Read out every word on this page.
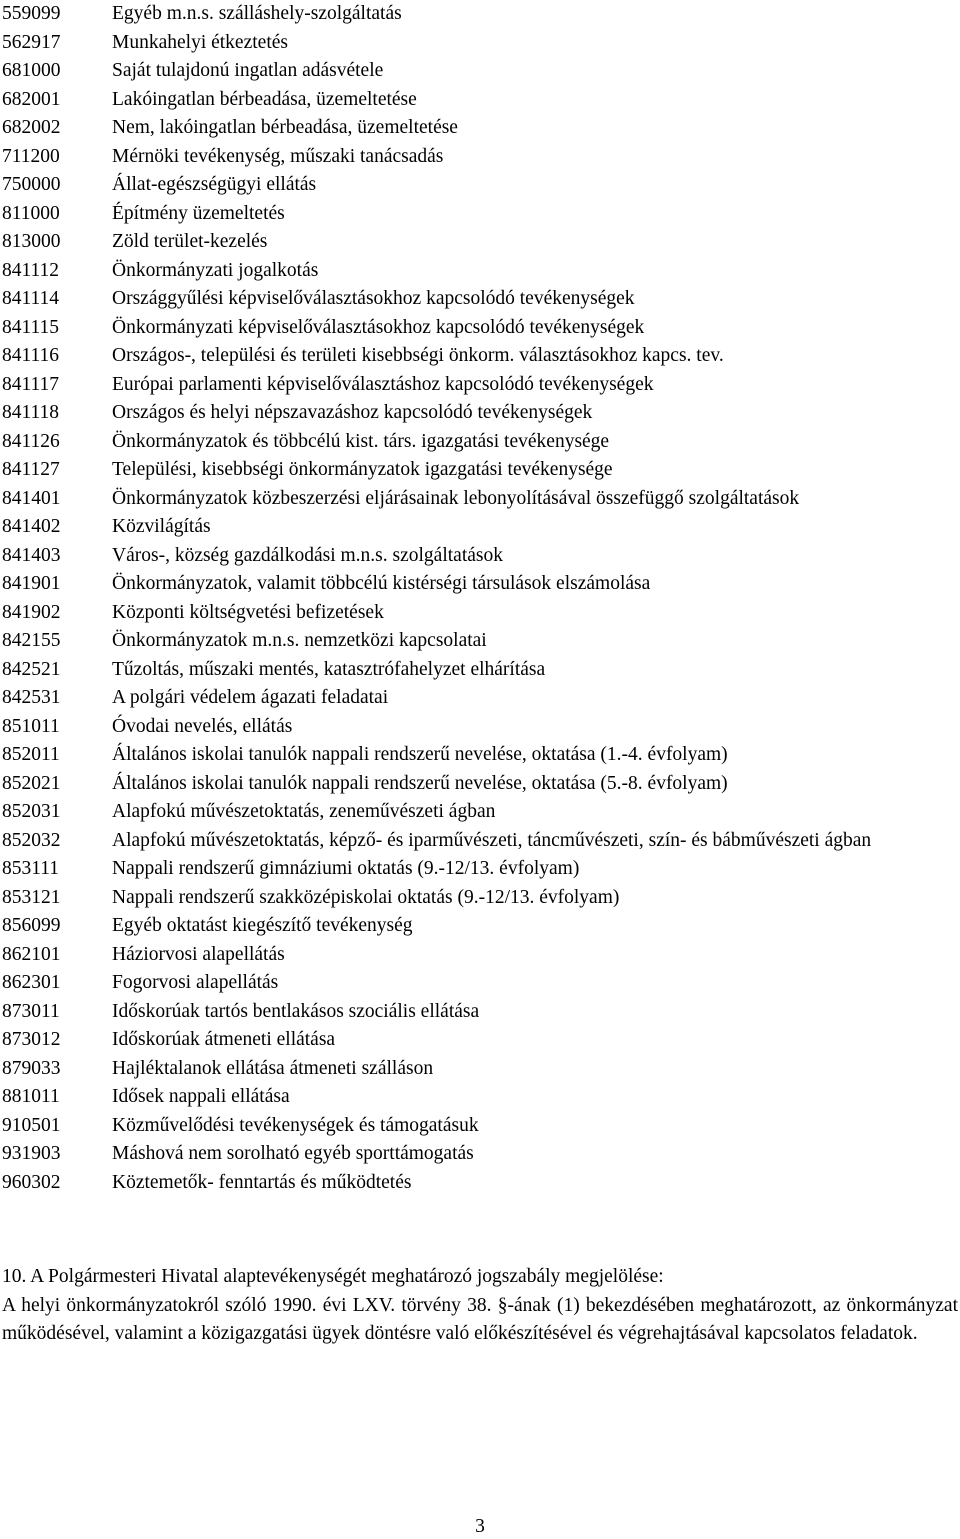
559099	Egyéb m.n.s. szálláshely-szolgáltatás
562917	Munkahelyi étkeztetés
681000	Saját tulajdonú ingatlan adásvétele
682001	Lakóingatlan bérbeadása, üzemeltetése
682002	Nem, lakóingatlan bérbeadása, üzemeltetése
711200	Mérnöki tevékenység, műszaki tanácsadás
750000	Állat-egészségügyi ellátás
811000	Építmény üzemeltetés
813000	Zöld terület-kezelés
841112	Önkormányzati jogalkotás
841114	Országgyűlési képviselőválasztásokhoz kapcsolódó tevékenységek
841115	Önkormányzati képviselőválasztásokhoz kapcsolódó tevékenységek
841116	Országos-, települési és területi kisebbségi önkorm. választásokhoz kapcs. tev.
841117	Európai parlamenti képviselőválasztáshoz kapcsolódó tevékenységek
841118	Országos és helyi népszavazáshoz kapcsolódó tevékenységek
841126	Önkormányzatok és többcélú kist. társ. igazgatási tevékenysége
841127	Települési, kisebbségi önkormányzatok igazgatási tevékenysége
841401	Önkormányzatok közbeszerzési eljárásainak lebonyolításával összefüggő szolgáltatások
841402	Közvilágítás
841403	Város-, község gazdálkodási m.n.s. szolgáltatások
841901	Önkormányzatok, valamit többcélú kistérségi társulások elszámolása
841902	Központi költségvetési befizetések
842155	Önkormányzatok m.n.s. nemzetközi kapcsolatai
842521	Tűzoltás, műszaki mentés, katasztrófahelyzet elhárítása
842531	A polgári védelem ágazati feladatai
851011	Óvodai nevelés, ellátás
852011	Általános iskolai tanulók nappali rendszerű nevelése, oktatása (1.-4. évfolyam)
852021	Általános iskolai tanulók nappali rendszerű nevelése, oktatása (5.-8. évfolyam)
852031	Alapfokú művészetoktatás, zeneművészeti ágban
852032	Alapfokú művészetoktatás, képző- és iparművészeti, táncművészeti, szín- és bábművészeti ágban
853111	Nappali rendszerű gimnáziumi oktatás (9.-12/13. évfolyam)
853121	Nappali rendszerű szakközépiskolai oktatás (9.-12/13. évfolyam)
856099	Egyéb oktatást kiegészítő tevékenység
862101	Háziorvosi alapellátás
862301	Fogorvosi alapellátás
873011	Időskorúak tartós bentlakásos szociális ellátása
873012	Időskorúak átmeneti ellátása
879033	Hajléktalanok ellátása átmeneti szálláson
881011	Idősek nappali ellátása
910501	Közművelődési tevékenységek és támogatásuk
931903	Máshová nem sorolható egyéb sporttámogatás
960302	Köztemetők- fenntartás és működtetés
10. A Polgármesteri Hivatal alaptevékenységét meghatározó jogszabály megjelölése:
A helyi önkormányzatokról szóló 1990. évi LXV. törvény 38. §-ának (1) bekezdésében meghatározott, az önkormányzat működésével, valamint a közigazgatási ügyek döntésre való előkészítésével és végrehajtásával kapcsolatos feladatok.
3
